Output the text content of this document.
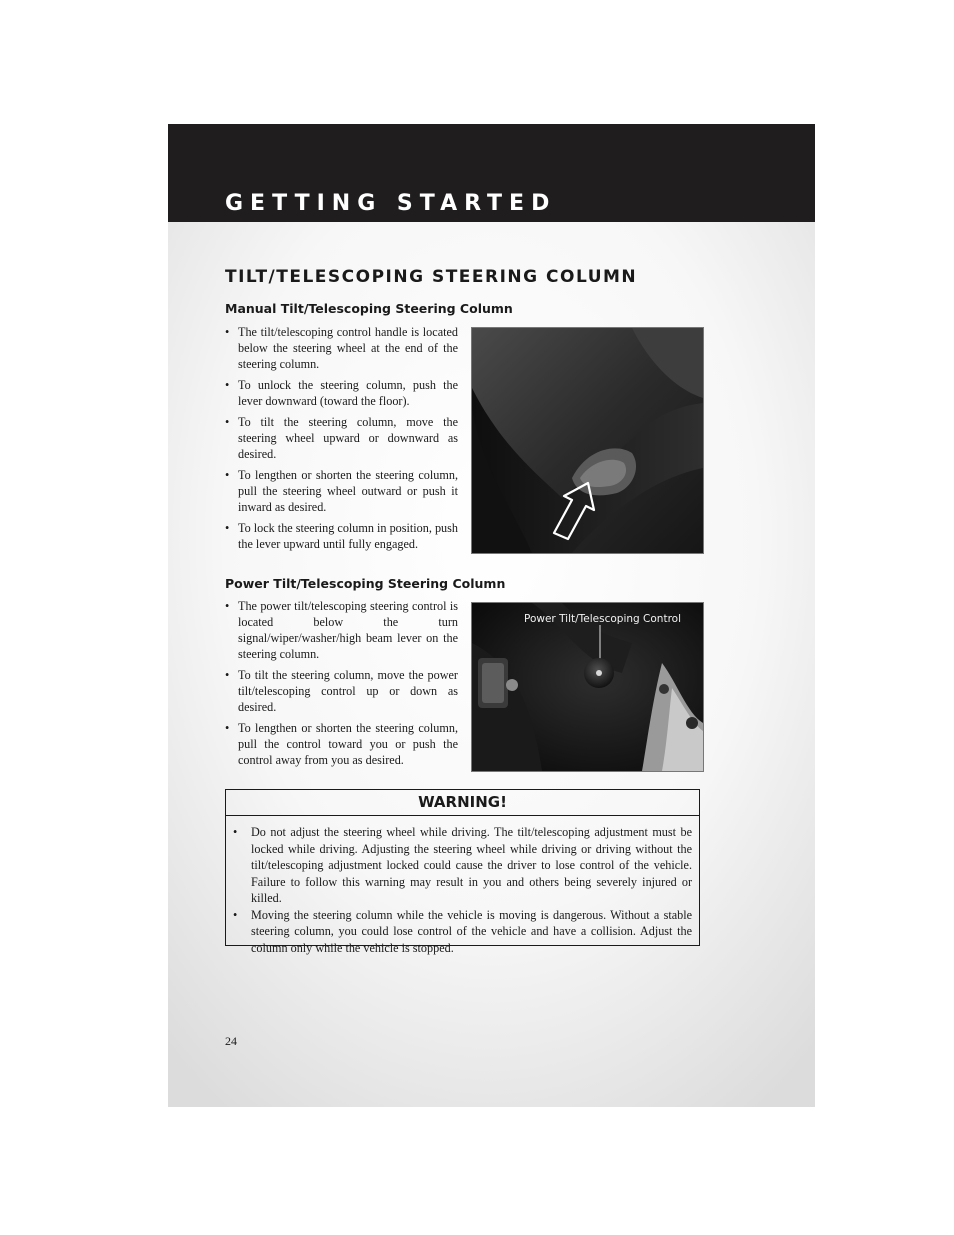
GETTING STARTED
TILT/TELESCOPING STEERING COLUMN
Manual Tilt/Telescoping Steering Column
• The tilt/telescoping control handle is located below the steering wheel at the end of the steering column.
• To unlock the steering column, push the lever downward (toward the floor).
• To tilt the steering column, move the steering wheel upward or downward as desired.
• To lengthen or shorten the steering column, pull the steering wheel outward or push it inward as desired.
• To lock the steering column in position, push the lever upward until fully engaged.
Power Tilt/Telescoping Steering Column
• The power tilt/telescoping steering control is located below the turn signal/wiper/washer/high beam lever on the steering column.
• To tilt the steering column, move the power tilt/telescoping control up or down as desired.
• To lengthen or shorten the steering column, pull the control toward you or push the control away from you as desired.
Power Tilt/Telescoping Control
WARNING!
• Do not adjust the steering wheel while driving. The tilt/telescoping adjustment must be locked while driving. Adjusting the steering wheel while driving or driving without the tilt/telescoping adjustment locked could cause the driver to lose control of the vehicle. Failure to follow this warning may result in you and others being severely injured or killed.
• Moving the steering column while the vehicle is moving is dangerous. Without a stable steering column, you could lose control of the vehicle and have a collision. Adjust the column only while the vehicle is stopped.
24
